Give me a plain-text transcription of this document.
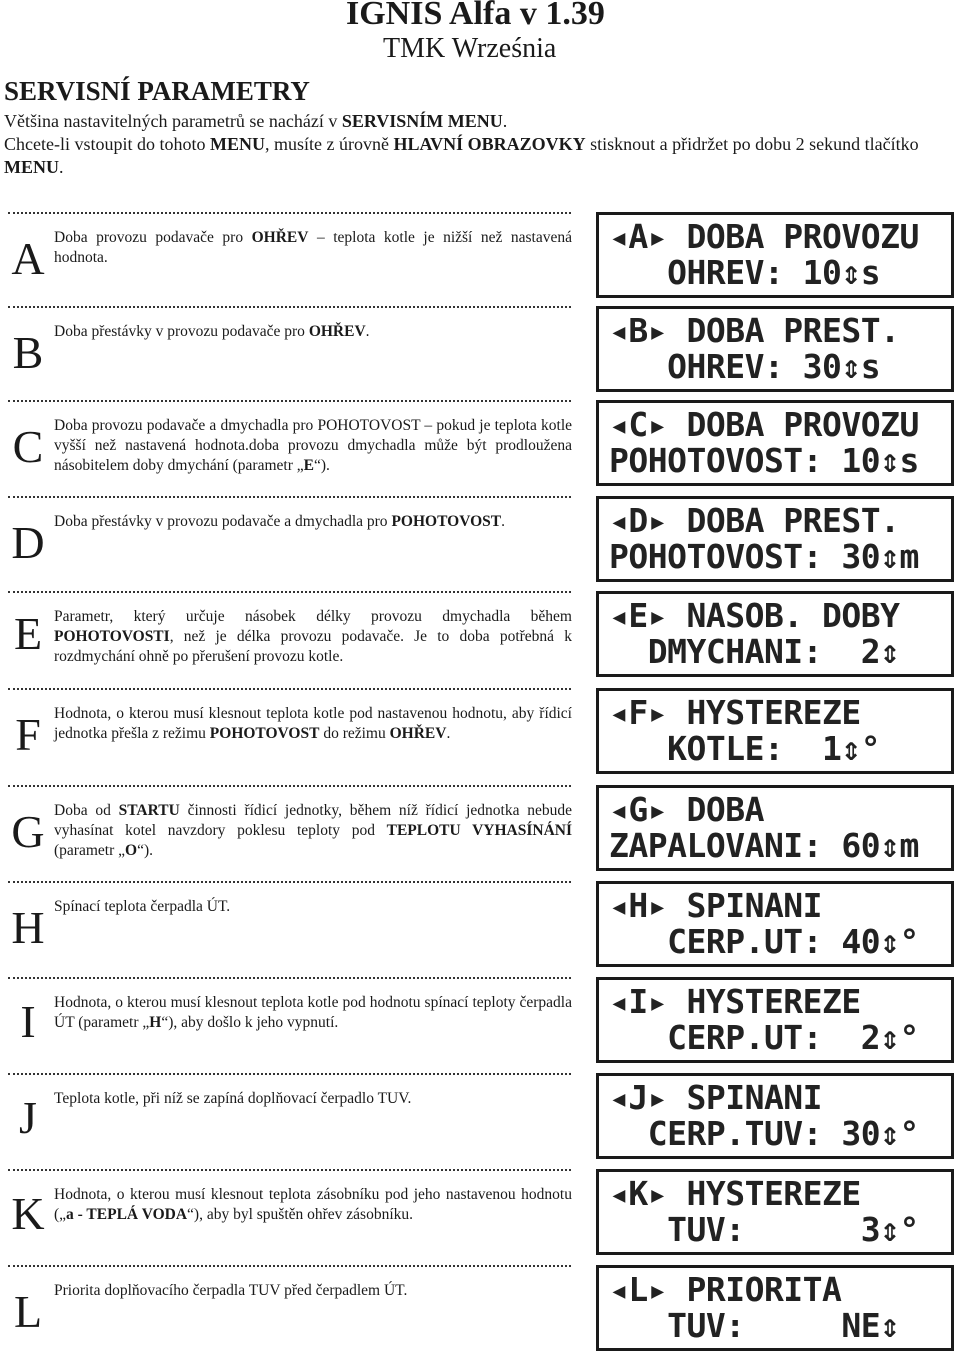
IGNIS Alfa v 1.39
TMK Września
SERVISNÍ PARAMETRY
Většina nastavitelných parametrů se nachází v SERVISNÍM MENU.
Chcete-li vstoupit do tohoto MENU, musíte z úrovně HLAVNÍ OBRAZOVKY stisknout a přidržet po dobu 2 sekund tlačítko MENU.
A Doba provozu podavače pro OHŘEV – teplota kotle je nižší než nastavená hodnota.
◂A▸ DOBA PROVOZU
OHREV: 10⇕s
B Doba přestávky v provozu podavače pro OHŘEV.	◂B▸ DOBA PREST.
OHREV: 30⇕s
C Doba provozu podavače a dmychadla pro POHOTOVOST – pokud je teplota kotle vyšší než nastavená hodnota.doba provozu dmychadla může být prodloužena násobitelem doby dmychání (parametr „E“).
◂C▸ DOBA PROVOZU
POHOTOVOST: 10⇕s
D Doba přestávky v provozu podavače a dmychadla pro POHOTOVOST.	◂D▸ DOBA PREST.
POHOTOVOST: 30⇕m
E Parametr, který určuje násobek délky provozu dmychadla během POHOTOVOSTI, než je délka provozu podavače. Je to doba potřebná k rozdmychání ohně po přerušení provozu kotle.
◂E▸ NASOB. DOBY
DMYCHANI:  2⇕
F Hodnota, o kterou musí klesnout teplota kotle pod nastavenou hodnotu, aby řídicí jednotka přešla z režimu POHOTOVOST do režimu OHŘEV.
◂F▸ HYSTEREZE
KOTLE:  1⇕°
G Doba od STARTU činnosti řídicí jednotky, během níž řídicí jednotka nebude vyhasínat kotel navzdory poklesu teploty pod TEPLOTU VYHASÍNÁNÍ (parametr „O“).
◂G▸ DOBA
ZAPALOVANI: 60⇕m
H Spínací teplota čerpadla ÚT.	◂H▸ SPINANI
CERP.UT: 40⇕°
I	Hodnota, o kterou musí klesnout teplota kotle pod hodnotu spínací teploty čerpadla ÚT (parametr „H“), aby došlo k jeho vypnutí.
◂I▸ HYSTEREZE
CERP.UT:  2⇕°
J	Teplota kotle, při níž se zapíná doplňovací čerpadlo TUV.	◂J▸ SPINANI
CERP.TUV: 30⇕°
K Hodnota, o kterou musí klesnout teplota zásobníku pod jeho nastavenou hodnotu („a - TEPLÁ VODA“), aby byl spuštěn ohřev zásobníku.
◂K▸ HYSTEREZE
TUV:      3⇕°
L Priorita doplňovacího čerpadla TUV před čerpadlem ÚT.	◂L▸ PRIORITA
TUV:     NE⇕
